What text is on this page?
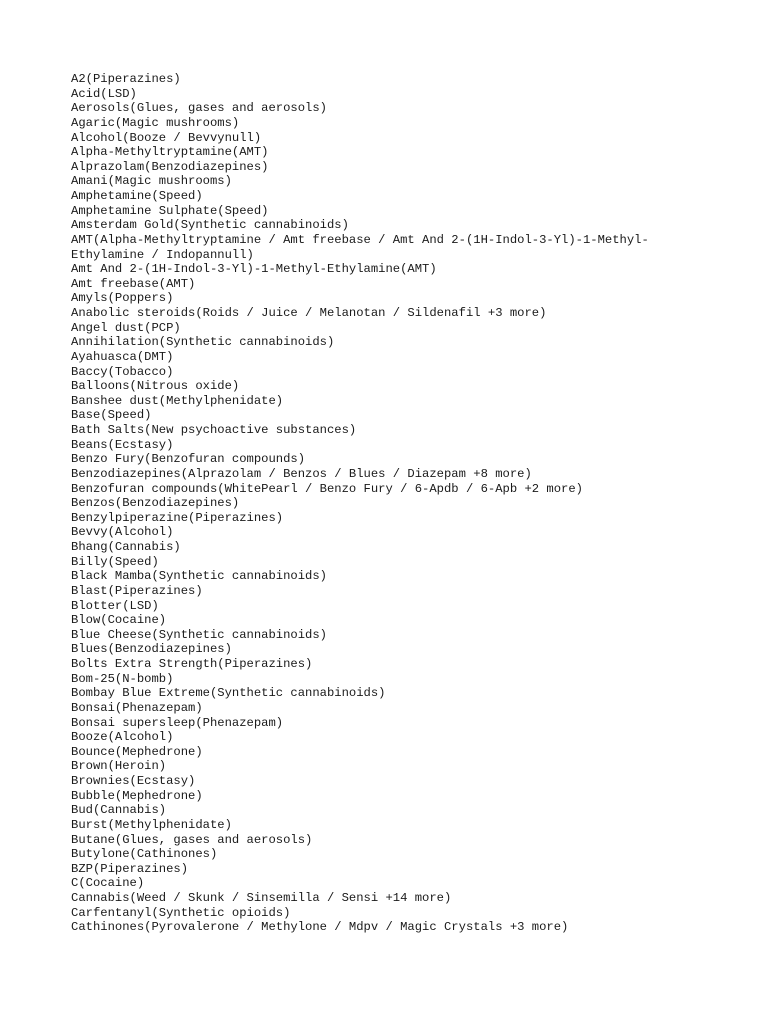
A2(Piperazines)
Acid(LSD)
Aerosols(Glues, gases and aerosols)
Agaric(Magic mushrooms)
Alcohol(Booze / Bevvynull)
Alpha-Methyltryptamine(AMT)
Alprazolam(Benzodiazepines)
Amani(Magic mushrooms)
Amphetamine(Speed)
Amphetamine Sulphate(Speed)
Amsterdam Gold(Synthetic cannabinoids)
AMT(Alpha-Methyltryptamine / Amt freebase / Amt And 2-(1H-Indol-3-Yl)-1-Methyl-
Ethylamine / Indopannull)
Amt And 2-(1H-Indol-3-Yl)-1-Methyl-Ethylamine(AMT)
Amt freebase(AMT)
Amyls(Poppers)
Anabolic steroids(Roids / Juice / Melanotan / Sildenafil +3 more)
Angel dust(PCP)
Annihilation(Synthetic cannabinoids)
Ayahuasca(DMT)
Baccy(Tobacco)
Balloons(Nitrous oxide)
Banshee dust(Methylphenidate)
Base(Speed)
Bath Salts(New psychoactive substances)
Beans(Ecstasy)
Benzo Fury(Benzofuran compounds)
Benzodiazepines(Alprazolam / Benzos / Blues / Diazepam +8 more)
Benzofuran compounds(WhitePearl / Benzo Fury / 6-Apdb / 6-Apb +2 more)
Benzos(Benzodiazepines)
Benzylpiperazine(Piperazines)
Bevvy(Alcohol)
Bhang(Cannabis)
Billy(Speed)
Black Mamba(Synthetic cannabinoids)
Blast(Piperazines)
Blotter(LSD)
Blow(Cocaine)
Blue Cheese(Synthetic cannabinoids)
Blues(Benzodiazepines)
Bolts Extra Strength(Piperazines)
Bom-25(N-bomb)
Bombay Blue Extreme(Synthetic cannabinoids)
Bonsai(Phenazepam)
Bonsai supersleep(Phenazepam)
Booze(Alcohol)
Bounce(Mephedrone)
Brown(Heroin)
Brownies(Ecstasy)
Bubble(Mephedrone)
Bud(Cannabis)
Burst(Methylphenidate)
Butane(Glues, gases and aerosols)
Butylone(Cathinones)
BZP(Piperazines)
C(Cocaine)
Cannabis(Weed / Skunk / Sinsemilla / Sensi +14 more)
Carfentanyl(Synthetic opioids)
Cathinones(Pyrovalerone / Methylone / Mdpv / Magic Crystals +3 more)
